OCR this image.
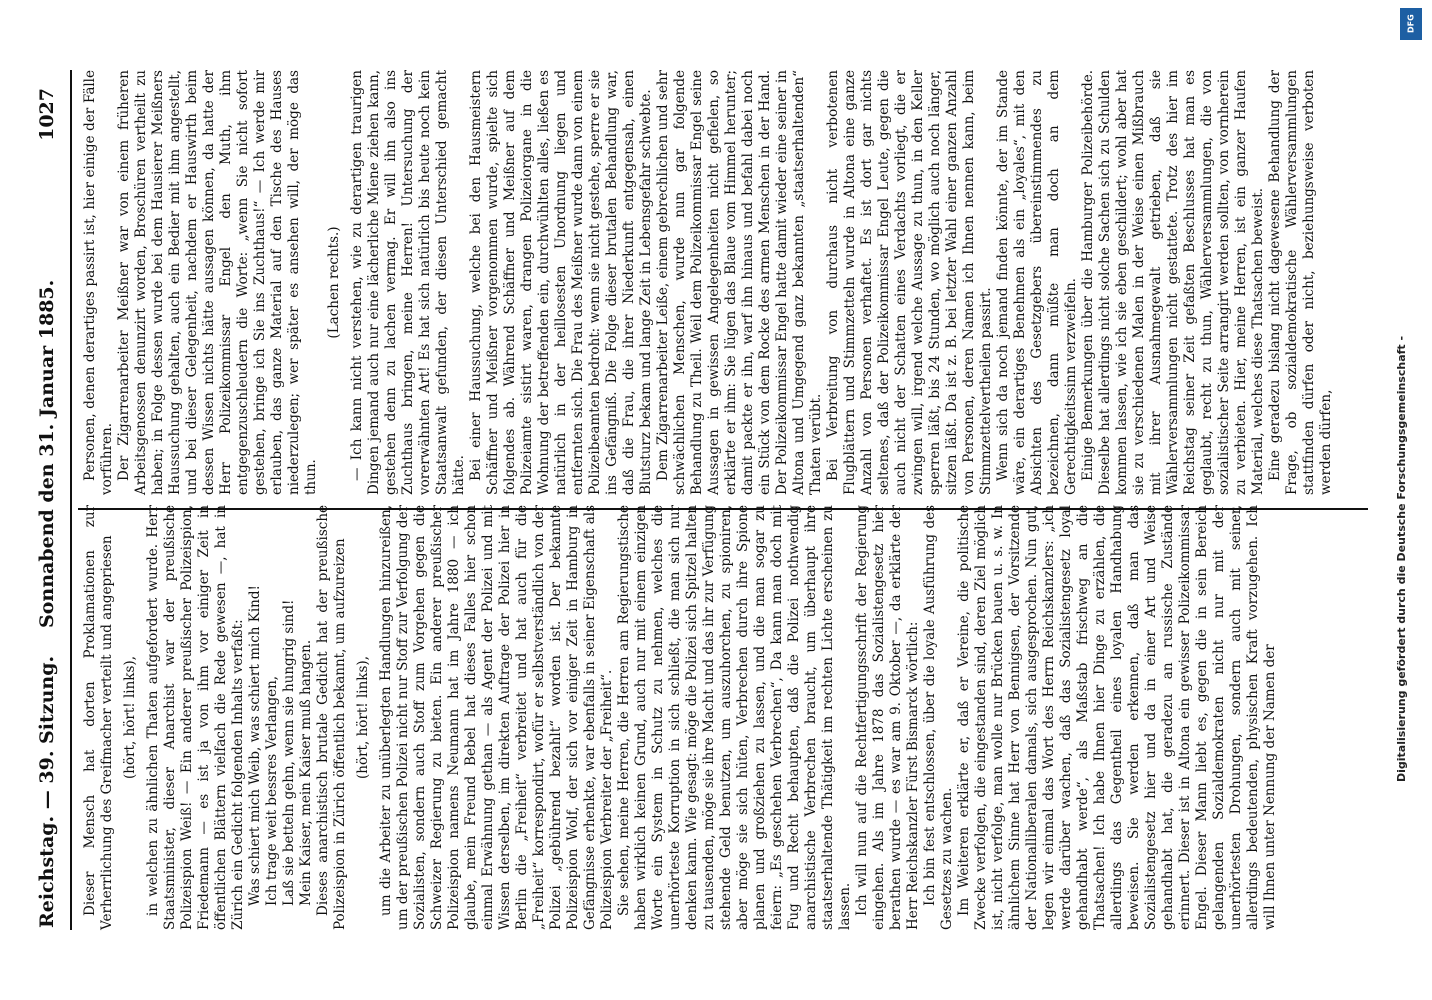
Reichstag. — 39. Sitzung.
Sonnabend den 31. Januar 1885.
1027

Dieser Mensch hat dorten Proklamationen zur Verherrlichung des Greifmacher verteilt und angepriesen (hört, hört! links), in welchen zu ähnlichen Thaten aufgefordert wurde. Herr Staatsminister, dieser Anarchist war der preußische Polizeispion Weiß! — Ein anderer preußischer Polizeispion, Friedemann — es ist ja von ihm vor einiger Zeit in öffentlichen Blättern vielfach die Rede gewesen —, hat in Zürich ein Gedicht folgenden Inhalts verfaßt: Was schiert mich Weib, was schiert mich Kind! Ich trage weit bessres Verlangen, Laß sie betteln gehn, wenn sie hungrig sind! Mein Kaiser, mein Kaiser muß hangen. Dieses anarchistisch brutale Gedicht hat der preußische Polizeispion in Zürich öffentlich bekannt, um aufzureizen (hört, hört! links), um die Arbeiter zu unüberlegten Handlungen hinzureißen, um der preußischen Polizei nicht nur Stoff zur Verfolgung der Sozialisten, sondern auch Stoff zum Vorgehen gegen die Schweizer Regierung zu bieten. Ein anderer preußischer Polizeispion namens Neumann hat im Jahre 1880 — ich glaube, mein Freund Bebel hat dieses Falles hier schon einmal Erwähnung gethan — als Agent der Polizei und mit Wissen derselben, im direkten Auftrage der Polizei hier in Berlin die „Freiheit“ verbreitet und hat auch für die „Freiheit“ korrespondirt, wofür er selbstverständlich von der Polizei „gebührend bezahlt“ worden ist. Der bekannte Polizeispion Wolf, der sich vor einiger Zeit in Hamburg in Gefängnisse erhenkte, war ebenfalls in seiner Eigenschaft als Polizeispion Verbreiter der „Freiheit“. Sie sehen, meine Herren, die Herren am Regierungstische haben wirklich keinen Grund, auch nur mit einem einzigen Worte ein System in Schutz zu nehmen, welches die unerhörteste Korruption in sich schließt, die man sich nur denken kann. Wie gesagt: möge die Polizei sich Spitzel halten zu tausenden, möge sie ihre Macht und das ihr zur Verfügung stehende Geld benutzen, um auszuhorchen, zu spioniren, aber möge sie sich hüten, Verbrechen durch ihre Spione planen und großziehen zu lassen, und die man sogar zu feiern: „Es geschehen Verbrechen“, Da kann man doch mit Fug und Recht behaupten, daß die Polizei nothwendig anarchistische Verbrechen braucht, um überhaupt ihre staatserhaltende Thätigkeit im rechten Lichte erscheinen zu lassen. Ich will nun auf die Rechtfertigungsschrift der Regierung eingehen. Als im Jahre 1878 das Sozialistengesetz hier berathen wurde — es war am 9. Oktober —, da erklärte der Herr Reichskanzler Fürst Bismarck wörtlich: Ich bin fest entschlossen, über die loyale Ausführung des Gesetzes zu wachen. Im Weiteren erklärte er, daß er Vereine, die politische Zwecke verfolgen, die eingestanden sind, deren Ziel möglich ist, nicht verfolge, man wolle nur Brücken bauen u. s. w. In ähnlichem Sinne hat Herr von Bennigsen, der Vorsitzende der Nationalliberalen damals, sich ausgesprochen. Nun gut, legen wir einmal das Wort des Herrn Reichskanzlers: „ich werde darüber wachen, daß das Sozialistengesetz loyal gehandhabt werde“, als Maßstab frischweg an die Thatsachen! Ich habe Ihnen hier Dinge zu erzählen, die allerdings das Gegentheil eines loyalen Handhabung beweisen. Sie werden erkennen, daß man das Sozialistengesetz hier und da in einer Art und Weise gehandhabt hat, die geradezu an russische Zustände erinnert. Dieser ist in Altona ein gewisser Polizeikommissar Engel. Dieser Mann liebt es, gegen die in sein Bereich gelangenden Sozialdemokraten nicht nur mit der unerhörtesten Drohungen, sondern auch mit seiner, allerdings bedeutenden, physischen Kraft vorzugehen. Ich will Ihnen unter Nennung der Namen der

Personen, denen derartiges passirt ist, hier einige der Fälle vorführen. Der Zigarrenarbeiter Meißner war von einem früheren Arbeitsgenossen denunzirt worden, Broschüren vertheilt zu haben; in Folge dessen wurde bei dem Hausierer Meißners Haussuchung gehalten, auch ein Bedier mit ihm angestellt, und bei dieser Gelegenheit, nachdem er Hauswirth beim dessen Wissen nichts hätte aussagen können, da hatte der Herr Polizeikommissar Engel den Muth, ihm entgegenzuschleudern die Worte: „wenn Sie nicht sofort gestehen, bringe ich Sie ins Zuchthaus!“ — Ich werde mir erlauben, das ganze Material auf den Tische des Hauses niederzulegen; wer später es ansehen will, der möge das thun.

(Lachen rechts.) — Ich kann nicht verstehen, wie zu derartigen traurigen Dingen jemand auch nur eine lächerliche Miene ziehen kann, gestehen denn zu lachen vermag. Er will ihn also ins Zuchthaus bringen, meine Herren! Untersuchung der vorerwähnten Art! Es hat sich natürlich bis heute noch kein Staatsanwalt gefunden, der diesen Unterschied gemacht hätte. Bei einer Haussuchung, welche bei den Hausmeistern Schäffner und Meißner vorgenommen wurde, spielte sich folgendes ab. Während Schäffner und Meißner auf dem Polizeiamte sistirt waren, drangen Polizeiorgane in die Wohnung der betreffenden ein, durchwühlten alles, ließen es natürlich in der heillosesten Unordnung liegen und entfernten sich. Die Frau des Meißner wurde dann von einem Polizeibeamten bedroht: wenn sie nicht gestehe, sperre er sie ins Gefängniß. Die Folge dieser brutalen Behandlung war, daß die Frau, die ihrer Niederkunft entgegensah, einen Blutsturz bekam und lange Zeit in Lebensgefahr schwebte. Dem Zigarrenarbeiter Leiße, einem gebrechlichen und sehr schwächlichen Menschen, wurde nun gar folgende Behandlung zu Theil. Weil dem Polizeikommissar Engel seine Aussagen in gewissen Angelegenheiten nicht gefielen, so erklärte er ihm: Sie lügen das Blaue vom Himmel herunter; damit packte er ihn, warf ihn hinaus und befahl dabei noch ein Stück von dem Rocke des armen Menschen in der Hand. Der Polizeikommissar Engel hatte damit wieder eine seiner in Altona und Umgegend ganz bekannten „staatserhaltenden“ Thaten verübt. Bei Verbreitung von durchaus nicht verbotenen Flugblättern und Stimmzetteln wurde in Altona eine ganze Anzahl von Personen verhaftet. Es ist dort gar nichts seltenes, daß der Polizeikommissar Engel Leute, gegen die auch nicht der Schatten eines Verdachts vorliegt, die er zwingen will, irgend welche Aussage zu thun, in den Keller sperren läßt, bis 24 Stunden, wo möglich auch noch länger, sitzen läßt. Da ist z. B. bei letzter Wahl einer ganzen Anzahl von Personen, deren Namen ich Ihnen nennen kann, beim Stimmzettelvertheilen passirt. Wenn sich da noch jemand finden könnte, der im Stande wäre, ein derartiges Benehmen als ein „loyales“, mit den Absichten des Gesetzgebers übereinstimmendes zu bezeichnen, dann müßte man doch an dem Gerechtigkeitssinn verzweifeln. Einige Bemerkungen über die Hamburger Polizeibehörde. Dieselbe hat allerdings nicht solche Sachen sich zu Schulden kommen lassen, wie ich sie eben geschildert; wohl aber hat sie zu verschiedenen Malen in der Weise einen Mißbrauch mit ihrer Ausnahmegewalt getrieben, daß sie Wählerversammlungen nicht gestattete. Trotz des hier im Reichstag seiner Zeit gefaßten Beschlusses hat man es geglaubt, recht zu thun, Wählerversammlungen, die von sozialistischer Seite arrangirt werden sollten, von vornherein zu verbieten. Hier, meine Herren, ist ein ganzer Haufen Material, welches diese Thatsachen beweist. Eine geradezu bislang nicht dagewesene Behandlung der Frage, ob sozialdemokratische Wählerversammlungen stattfinden dürfen oder nicht, beziehungsweise verboten werden dürfen,	Digitalisierung gefördert durch die Deutsche Forschungsgemeinschaft -
DFG
